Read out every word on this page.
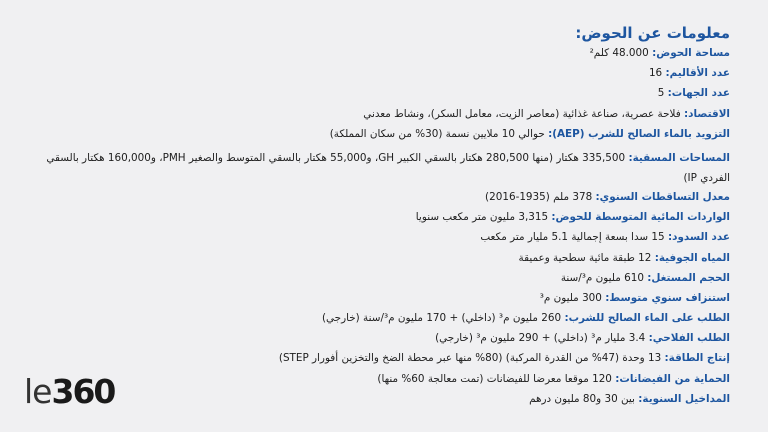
معلومات عن الحوض:
مساحة الحوض: 48.000 كلم²
عدد الأقاليم: 16
عدد الجهات: 5
الاقتصاد: فلاحة عصرية، صناعة غذائية (معاصر الزيت، معامل السكر)، ونشاط معدني
التزويد بالماء الصالح للشرب (AEP): حوالي 10 ملايين نسمة (30% من سكان المملكة)
المساحات المسقية: 335,500 هكتار (منها 280,500 هكتار بالسقي الكبير GH، و55,000 هكتار بالسقي المتوسط والصغير PMH، و160,000 هكتار بالسقي الفردي IP)
معدل التساقطات السنوي: 378 ملم (1935-2016)
الواردات المائية المتوسطة للحوض: 3,315 مليون متر مكعب سنويا
عدد السدود: 15 سدا بسعة إجمالية 5.1 مليار متر مكعب
المياه الجوفية: 12 طبقة مائية سطحية وعميقة
الحجم المستغل: 610 مليون م³/سنة
استنزاف سنوي متوسط: 300 مليون م³
الطلب على الماء الصالح للشرب: 260 مليون م³ (داخلي) + 170 مليون م³/سنة (خارجي)
الطلب الفلاحي: 3.4 مليار م³ (داخلي) + 290 مليون م³ (خارجي)
إنتاج الطاقة: 13 وحدة (47% من القدرة المركبة) (80% منها عبر محطة الضخ والتخزين أفورار STEP)
الحماية من الفيضانات: 120 موقعا معرضا للفيضانات (تمت معالجة 60% منها)
المداخيل السنوية: بين 30 و80 مليون درهم
le360
